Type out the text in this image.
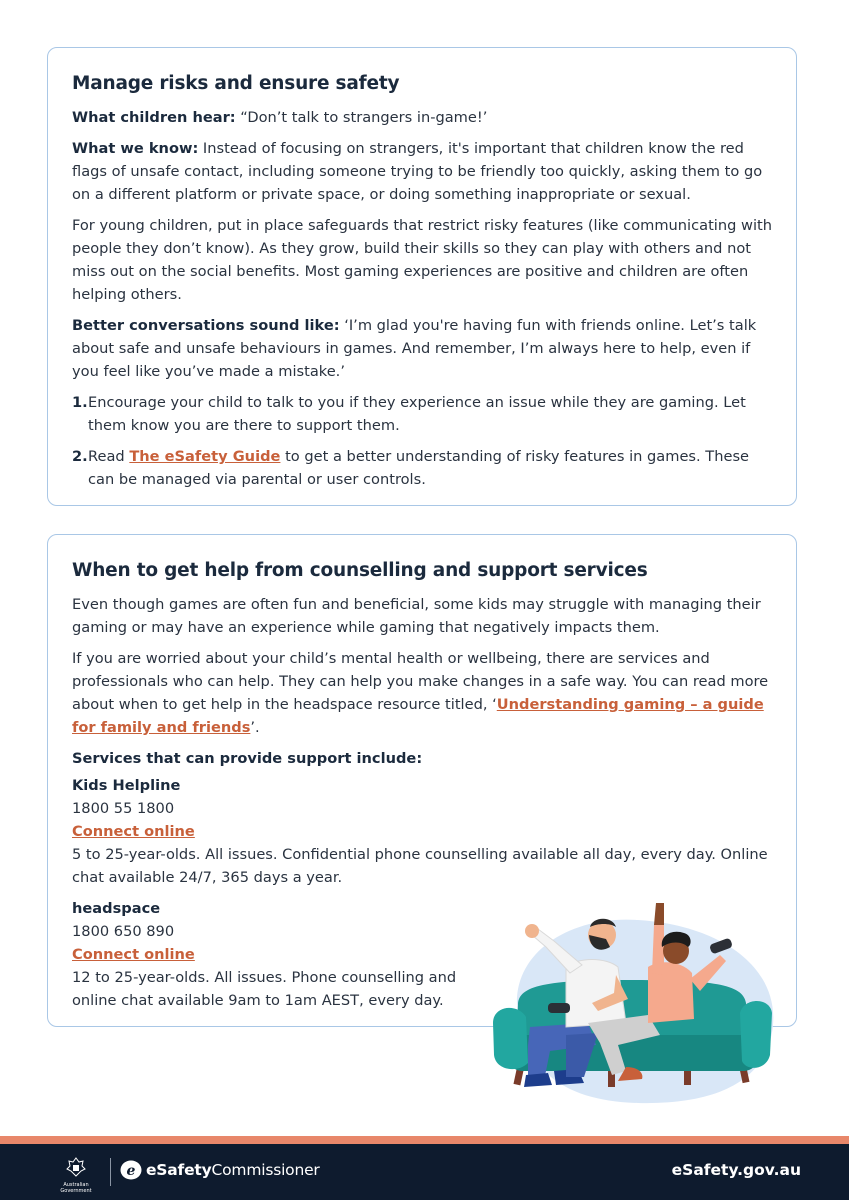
Manage risks and ensure safety

What children hear: “Don’t talk to strangers in-game!’

What we know: Instead of focusing on strangers, it's important that children know the red flags of unsafe contact, including someone trying to be friendly too quickly, asking them to go on a different platform or private space, or doing something inappropriate or sexual.

For young children, put in place safeguards that restrict risky features (like communicating with people they don’t know). As they grow, build their skills so they can play with others and not miss out on the social benefits. Most gaming experiences are positive and children are often helping others.

Better conversations sound like: ‘I’m glad you're having fun with friends online. Let’s talk about safe and unsafe behaviours in games. And remember, I’m always here to help, even if you feel like you’ve made a mistake.’

1. Encourage your child to talk to you if they experience an issue while they are gaming. Let them know you are there to support them.
2. Read The eSafety Guide to get a better understanding of risky features in games. These can be managed via parental or user controls.
When to get help from counselling and support services

Even though games are often fun and beneficial, some kids may struggle with managing their gaming or may have an experience while gaming that negatively impacts them.

If you are worried about your child’s mental health or wellbeing, there are services and professionals who can help. They can help you make changes in a safe way. You can read more about when to get help in the headspace resource titled, ‘Understanding gaming – a guide for family and friends’.

Services that can provide support include:

Kids Helpline

1800 55 1800

Connect online

5 to 25-year-olds. All issues. Confidential phone counselling available all day, every day. Online chat available 24/7, 365 days a year.

headspace

1800 650 890

Connect online

12 to 25-year-olds. All issues. Phone counselling and online chat available 9am to 1am AEST, every day.

Australian Government
e eSafetyCommissioner	eSafety.gov.au
